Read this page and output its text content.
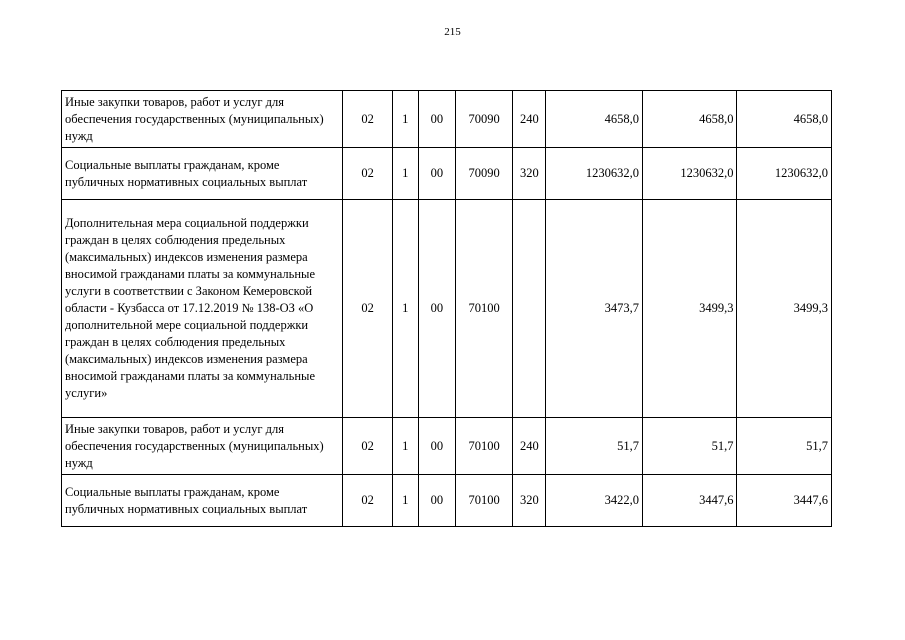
215
Иные закупки товаров, работ и услуг для обеспечения государственных (муниципальных) нужд	02	1	00	70090	240	4658,0	4658,0	4658,0
Социальные выплаты гражданам, кроме публичных нормативных социальных выплат	02	1	00	70090	320	1230632,0	1230632,0	1230632,0
Дополнительная мера социальной поддержки граждан в целях соблюдения предельных (максимальных) индексов изменения размера вносимой гражданами платы за коммунальные услуги в соответствии с Законом Кемеровской области - Кузбасса от 17.12.2019 № 138-ОЗ «О дополнительной мере социальной поддержки граждан в целях соблюдения предельных (максимальных) индексов изменения размера вносимой гражданами платы за коммунальные услуги»	02	1	00	70100		3473,7	3499,3	3499,3
Иные закупки товаров, работ и услуг для обеспечения государственных (муниципальных) нужд	02	1	00	70100	240	51,7	51,7	51,7
Социальные выплаты гражданам, кроме публичных нормативных социальных выплат	02	1	00	70100	320	3422,0	3447,6	3447,6
